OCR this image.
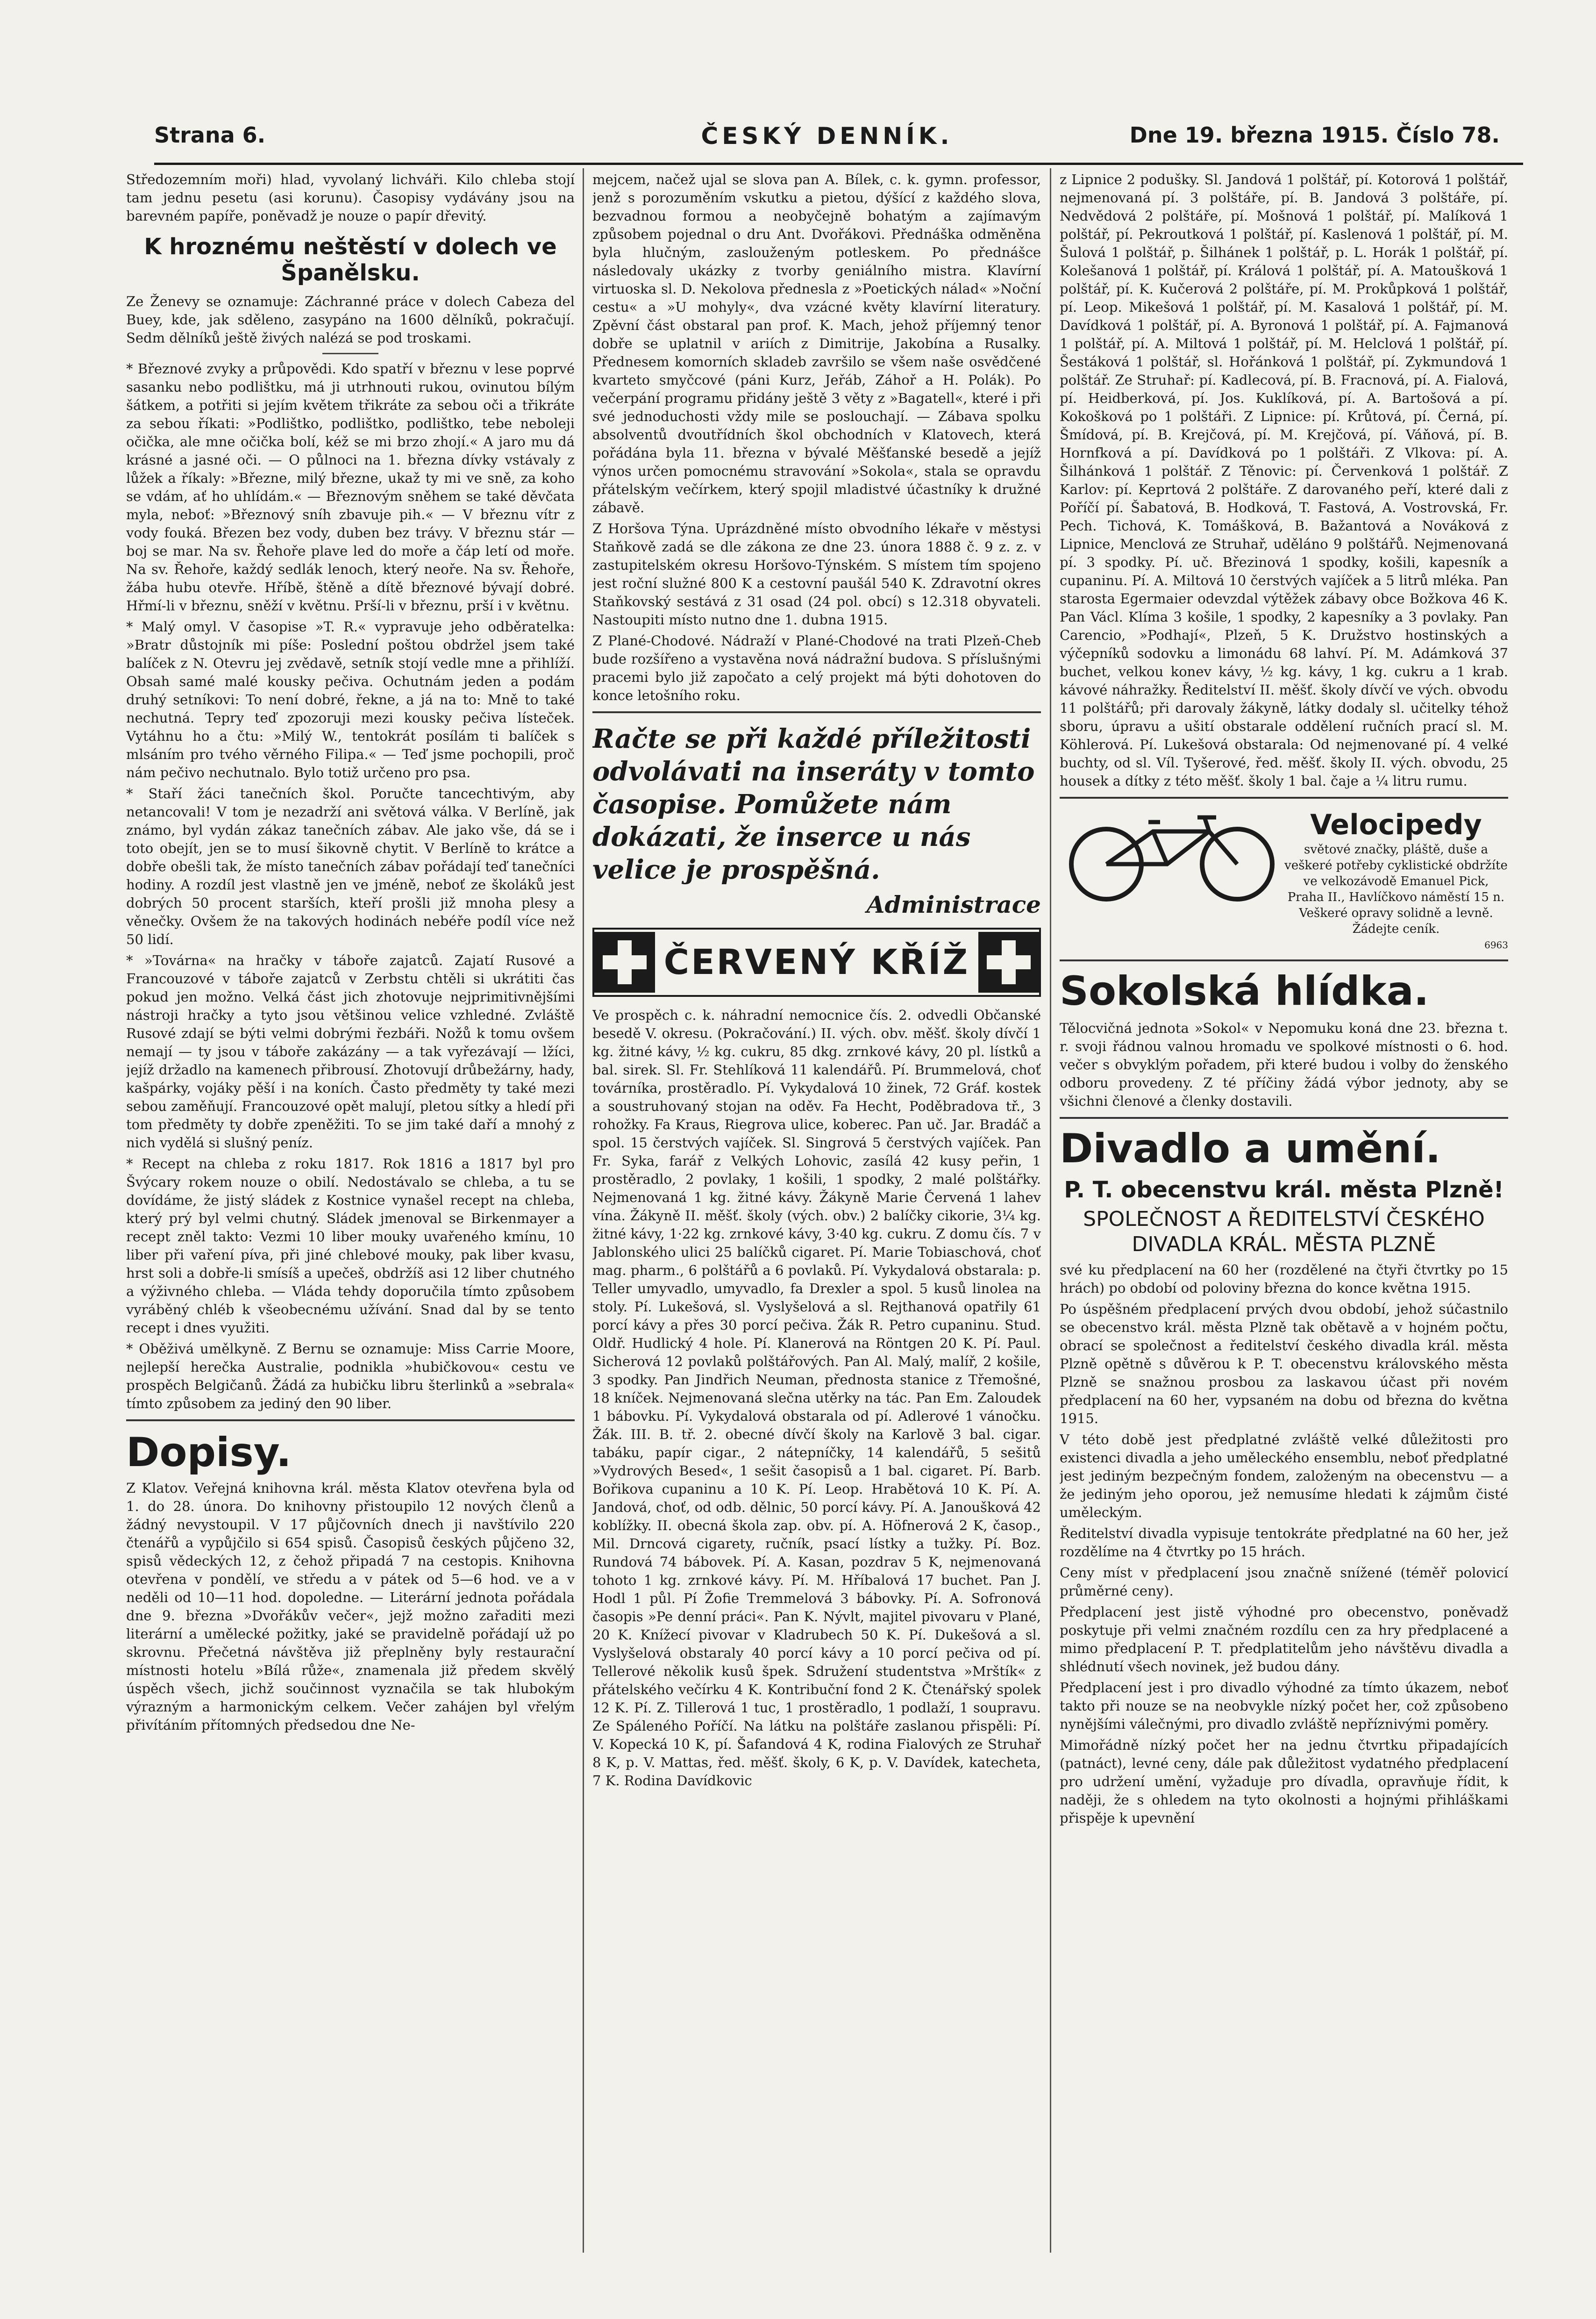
Strana 6.	ČESKÝ DENNÍK.	Dne 19. března 1915. Číslo 78.

Středozemním moři) hlad, vyvolaný lichváři. Kilo chleba stojí tam jednu pesetu (asi korunu). Časopisy vydávány jsou na barevném papíře, poněvadž je nouze o papír dřevitý.

K hroznému neštěstí v dolech ve Španělsku.

Ze Ženevy se oznamuje: Záchranné práce v dolech Cabeza del Buey, kde, jak sděleno, zasypáno na 1600 dělníků, pokračují. Sedm dělníků ještě živých nalézá se pod troskami.

* Březnové zvyky a průpovědi. Kdo spatří v březnu v lese poprvé sasanku nebo podlištku, má ji utrhnouti rukou, ovinutou bílým šátkem, a potřiti si jejím květem třikráte za sebou oči a třikráte za sebou říkati: »Podlištko, podlištko, podlištko, tebe neboleji očička, ale mne očička bolí, kéž se mi brzo zhojí.« A jaro mu dá krásné a jasné oči. — O půlnoci na 1. března dívky vstávaly z lůžek a říkaly: »Březne, milý březne, ukaž ty mi ve sně, za koho se vdám, ať ho uhlídám.« — Březnovým sněhem se také děvčata myla, neboť: »Březnový sníh zbavuje pih.« — V březnu vítr z vody fouká. Březen bez vody, duben bez trávy. V březnu stár — boj se mar. Na sv. Řehoře plave led do moře a čáp letí od moře. Na sv. Řehoře, každý sedlák lenoch, který neoře. Na sv. Řehoře, žába hubu otevře. Hříbě, štěně a dítě březnové bývají dobré. Hřmí-li v březnu, sněží v květnu. Prší-li v březnu, prší i v květnu.

* Malý omyl. V časopise »T. R.« vypravuje jeho odběratelka: »Bratr důstojník mi píše: Poslední poštou obdržel jsem také balíček z N. Otevru jej zvědavě, setník stojí vedle mne a přihlíží. Obsah samé malé kousky pečiva. Ochutnám jeden a podám druhý setníkovi: To není dobré, řekne, a já na to: Mně to také nechutná. Tepry teď zpozoruji mezi kousky pečiva lísteček. Vytáhnu ho a čtu: »Milý W., tentokrát posílám ti balíček s mlsáním pro tvého věrného Filipa.« — Teď jsme pochopili, proč nám pečivo nechutnalo. Bylo totiž určeno pro psa.

* Staří žáci tanečních škol. Poručte tancechtivým, aby netancovali! V tom je nezadrží ani světová válka. V Berlíně, jak známo, byl vydán zákaz tanečních zábav. Ale jako vše, dá se i toto obejít, jen se to musí šikovně chytit. V Berlíně to krátce a dobře obešli tak, že místo tanečních zábav pořádají teď tanečníci hodiny. A rozdíl jest vlastně jen ve jméně, neboť ze školáků jest dobrých 50 procent starších, kteří prošli již mnoha plesy a věnečky. Ovšem že na takových hodinách nebéře podíl více než 50 lidí.

* »Továrna« na hračky v táboře zajatců. Zajatí Rusové a Francouzové v táboře zajatců v Zerbstu chtěli si ukrátiti čas pokud jen možno. Velká část jich zhotovuje nejprimitivnějšími nástroji hračky a tyto jsou většinou velice vzhledné. Zvláště Rusové zdají se býti velmi dobrými řezbáři. Nožů k tomu ovšem nemají — ty jsou v táboře zakázány — a tak vyřezávají — lžíci, jejíž držadlo na kamenech přibrousí. Zhotovují drůbežárny, hady, kašpárky, vojáky pěší i na koních. Často předměty ty také mezi sebou zaměňují. Francouzové opět malují, pletou sítky a hledí při tom předměty ty dobře zpeněžiti. To se jim také daří a mnohý z nich vydělá si slušný peníz.

* Recept na chleba z roku 1817. Rok 1816 a 1817 byl pro Švýcary rokem nouze o obilí. Nedostávalo se chleba, a tu se dovídáme, že jistý sládek z Kostnice vynašel recept na chleba, který prý byl velmi chutný. Sládek jmenoval se Birkenmayer a recept zněl takto: Vezmi 10 liber mouky uvařeného kmínu, 10 liber při vaření píva, při jiné chlebové mouky, pak liber kvasu, hrst soli a dobře-li smísíš a upečeš, obdržíš asi 12 liber chutného a výživného chleba. — Vláda tehdy doporučila tímto způsobem vyráběný chléb k všeobecnému užívání. Snad dal by se tento recept i dnes využiti.

* Oběživá umělkyně. Z Bernu se oznamuje: Miss Carrie Moore, nejlepší herečka Australie, podnikla »hubičkovou« cestu ve prospěch Belgičanů. Žádá za hubičku libru šterlinků a »sebrala« tímto způsobem za jediný den 90 liber.

Dopisy.

Z Klatov. Veřejná knihovna král. města Klatov otevřena byla od 1. do 28. února. Do knihovny přistoupilo 12 nových členů a žádný nevystoupil. V 17 půjčovních dnech ji navštívilo 220 čtenářů a vypůjčilo si 654 spisů. Časopisů českých půjčeno 32, spisů vědeckých 12, z čehož připadá 7 na cestopis. Knihovna otevřena v pondělí, ve středu a v pátek od 5—6 hod. ve a v neděli od 10—11 hod. dopoledne. — Literární jednota pořádala dne 9. března »Dvořákův večer«, jejž možno zařaditi mezi literární a umělecké požitky, jaké se pravidelně pořádají už po skrovnu. Přečetná návštěva již přeplněny byly restaurační místnosti hotelu »Bílá růže«, znamenala již předem skvělý úspěch všech, jichž součinnost vyznačila se tak hlubokým výrazným a harmonickým celkem. Večer zahájen byl vřelým přivítáním přítomných předsedou dne Ne-

mejcem, načež ujal se slova pan A. Bílek, c. k. gymn. professor, jenž s porozuměním vskutku a pietou, dýšící z každého slova, bezvadnou formou a neobyčejně bohatým a zajímavým způsobem pojednal o dru Ant. Dvořákovi. Přednáška odměněna byla hlučným, zaslouženým potleskem. Po přednášce následovaly ukázky z tvorby geniálního mistra. Klavírní virtuoska sl. D. Nekolova přednesla z »Poetických nálad« »Noční cestu« a »U mohyly«, dva vzácné květy klavírní literatury. Zpěvní část obstaral pan prof. K. Mach, jehož příjemný tenor dobře se uplatnil v ariích z Dimitrije, Jakobína a Rusalky. Přednesem komorních skladeb završilo se všem naše osvědčené kvarteto smyčcové (páni Kurz, Jeřáb, Záhoř a H. Polák). Po večerpání programu přidány ještě 3 věty z »Bagatell«, které i při své jednoduchosti vždy mile se poslouchají. — Zábava spolku absolventů dvoutřídních škol obchodních v Klatovech, která pořádána byla 11. března v bývalé Měšťanské besedě a jejíž výnos určen pomocnému stravování »Sokola«, stala se opravdu přátelským večírkem, který spojil mladistvé účastníky k družné zábavě.

Z Horšova Týna. Uprázdněné místo obvodního lékaře v městysi Staňkově zadá se dle zákona ze dne 23. února 1888 č. 9 z. z. v zastupitelském okresu Horšovo-Týnském. S místem tím spojeno jest roční služné 800 K a cestovní paušál 540 K. Zdravotní okres Staňkovský sestává z 31 osad (24 pol. obcí) s 12.318 obyvateli. Nastoupiti místo nutno dne 1. dubna 1915.

Z Plané-Chodové. Nádraží v Plané-Chodové na trati Plzeň-Cheb bude rozšířeno a vystavěna nová nádražní budova. S příslušnými pracemi bylo již započato a celý projekt má býti dohotoven do konce letošního roku.

Račte se při každé příležitosti odvolávati na inseráty v tomto časopise. Pomůžete nám dokázati, že inserce u nás velice je prospěšná.
Administrace
ČERVENÝ KŘÍŽ

Ve prospěch c. k. náhradní nemocnice čís. 2. odvedli Občanské besedě V. okresu. (Pokračování.) II. vých. obv. měšť. školy dívčí 1 kg. žitné kávy, ½ kg. cukru, 85 dkg. zrnkové kávy, 20 pl. lístků a bal. sirek. Sl. Fr. Stehlíková 11 kalendářů. Pí. Brummelová, choť továrníka, prostěradlo. Pí. Vykydalová 10 žinek, 72 Gráf. kostek a soustruhovaný stojan na oděv. Fa Hecht, Poděbradova tř., 3 rohožky. Fa Kraus, Riegrova ulice, koberec. Pan uč. Jar. Bradáč a spol. 15 čerstvých vajíček. Sl. Singrová 5 čerstvých vajíček. Pan Fr. Syka, farář z Velkých Lohovic, zasílá 42 kusy peřin, 1 prostěradlo, 2 povlaky, 1 košili, 1 spodky, 2 malé polštářky. Nejmenovaná 1 kg. žitné kávy. Žákyně Marie Červená 1 lahev vína. Žákyně II. měšť. školy (vých. obv.) 2 balíčky cikorie, 3¼ kg. žitné kávy, 1·22 kg. zrnkové kávy, 3·40 kg. cukru. Z domu čís. 7 v Jablonského ulici 25 balíčků cigaret. Pí. Marie Tobiaschová, choť mag. pharm., 6 polštářů a 6 povlaků. Pí. Vykydalová obstarala: p. Teller umyvadlo, umyvadlo, fa Drexler a spol. 5 kusů linolea na stoly. Pí. Lukešová, sl. Vyslyšelová a sl. Rejthanová opatřily 61 porcí kávy a přes 30 porcí pečiva. Žák R. Petro cupaninu. Stud. Oldř. Hudlický 4 hole. Pí. Klanerová na Röntgen 20 K. Pí. Paul. Sicherová 12 povlaků polštářových. Pan Al. Malý, malíř, 2 košile, 3 spodky. Pan Jindřich Neuman, přednosta stanice z Třemošné, 18 kníček. Nejmenovaná slečna utěrky na tác. Pan Em. Zaloudek 1 bábovku. Pí. Vykydalová obstarala od pí. Adlerové 1 vánočku. Žák. III. B. tř. 2. obecné dívčí školy na Karlově 3 bal. cigar. tabáku, papír cigar., 2 nátepníčky, 14 kalendářů, 5 sešitů »Vydrových Besed«, 1 sešit časopisů a 1 bal. cigaret. Pí. Barb. Bořikova cupaninu a 10 K. Pí. Leop. Hrabětová 10 K. Pí. A. Jandová, choť, od odb. dělnic, 50 porcí kávy. Pí. A. Janoušková 42 koblížky. II. obecná škola zap. obv. pí. A. Höfnerová 2 K, časop., Mil. Drncová cigarety, ručník, psací lístky a tužky. Pí. Boz. Rundová 74 bábovek. Pí. A. Kasan, pozdrav 5 K, nejmenovaná tohoto 1 kg. zrnkové kávy. Pí. M. Hříbalová 17 buchet. Pan J. Hodl 1 půl. Pí Žofie Tremmelová 3 bábovky. Pí. A. Sofronová časopis »Pe denní práci«. Pan K. Nývlt, majitel pivovaru v Plané, 20 K. Knížecí pivovar v Kladrubech 50 K. Pí. Dukešová a sl. Vyslyšelová obstaraly 40 porcí kávy a 10 porcí pečiva od pí. Tellerové několik kusů špek. Sdružení studentstva »Mrštík« z přátelského večírku 4 K. Kontribuční fond 2 K. Čtenářský spolek 12 K. Pí. Z. Tillerová 1 tuc, 1 prostěradlo, 1 podlaží, 1 soupravu. Ze Spáleného Poříčí. Na látku na polštáře zaslanou přispěli: Pí. V. Kopecká 10 K, pí. Šafandová 4 K, rodina Fialových ze Struhař 8 K, p. V. Mattas, řed. měšť. školy, 6 K, p. V. Davídek, katecheta, 7 K. Rodina Davídkovic

z Lipnice 2 podušky. Sl. Jandová 1 polštář, pí. Kotorová 1 polštář, nejmenovaná pí. 3 polštáře, pí. B. Jandová 3 polštáře, pí. Nedvědová 2 polštáře, pí. Mošnová 1 polštář, pí. Malíková 1 polštář, pí. Pekroutková 1 polštář, pí. Kaslenová 1 polštář, pí. M. Šulová 1 polštář, p. Šilhánek 1 polštář, p. L. Horák 1 polštář, pí. Kolešanová 1 polštář, pí. Králová 1 polštář, pí. A. Matoušková 1 polštář, pí. K. Kučerová 2 polštáře, pí. M. Prokůpková 1 polštář, pí. Leop. Mikešová 1 polštář, pí. M. Kasalová 1 polštář, pí. M. Davídková 1 polštář, pí. A. Byronová 1 polštář, pí. A. Fajmanová 1 polštář, pí. A. Miltová 1 polštář, pí. M. Helclová 1 polštář, pí. Šestáková 1 polštář, sl. Hořánková 1 polštář, pí. Zykmundová 1 polštář. Ze Struhař: pí. Kadlecová, pí. B. Fracnová, pí. A. Fialová, pí. Heidberková, pí. Jos. Kuklíková, pí. A. Bartošová a pí. Kokošková po 1 polštáři. Z Lipnice: pí. Krůtová, pí. Černá, pí. Šmídová, pí. B. Krejčová, pí. M. Krejčová, pí. Váňová, pí. B. Hornfková a pí. Davídková po 1 polštáři. Z Vlkova: pí. A. Šilhánková 1 polštář. Z Těnovic: pí. Červenková 1 polštář. Z Karlov: pí. Keprtová 2 polštáře. Z darovaného peří, které dali z Poříčí pí. Šabatová, B. Hodková, T. Fastová, A. Vostrovská, Fr. Pech. Tichová, K. Tomášková, B. Bažantová a Nováková z Lipnice, Menclová ze Struhař, uděláno 9 polštářů. Nejmenovaná pí. 3 spodky. Pí. uč. Březinová 1 spodky, košili, kapesník a cupaninu. Pí. A. Miltová 10 čerstvých vajíček a 5 litrů mléka. Pan starosta Egermaier odevzdal výtěžek zábavy obce Božkova 46 K. Pan Václ. Klíma 3 košile, 1 spodky, 2 kapesníky a 3 povlaky. Pan Carencio, »Podhají«, Plzeň, 5 K. Družstvo hostinských a výčepníků sodovku a limonádu 68 lahví. Pí. M. Adámková 37 buchet, velkou konev kávy, ½ kg. kávy, 1 kg. cukru a 1 krab. kávové náhražky. Ředitelství II. měšť. školy dívčí ve vých. obvodu 11 polštářů; při darovaly žákyně, látky dodaly sl. učitelky téhož sboru, úpravu a ušití obstarale oddělení ručních prací sl. M. Köhlerová. Pí. Lukešová obstarala: Od nejmenované pí. 4 velké buchty, od sl. Víl. Tyšerové, řed. měšť. školy II. vých. obvodu, 25 housek a dítky z této měšť. školy 1 bal. čaje a ¼ litru rumu.

Velocipedy
světové značky, pláště, duše a veškeré potřeby cyklistické obdržíte ve velkozávodě Emanuel Pick, Praha II., Havlíčkovo náměstí 15 n. Veškeré opravy solidně a levně. Žádejte ceník.
6963
Sokolská hlídka.

Tělocvičná jednota »Sokol« v Nepomuku koná dne 23. března t. r. svoji řádnou valnou hromadu ve spolkové místnosti o 6. hod. večer s obvyklým pořadem, při které budou i volby do ženského odboru provedeny. Z té příčiny žádá výbor jednoty, aby se všichni členové a členky dostavili.

Divadlo a umění.
P. T. obecenstvu král. města Plzně!
SPOLEČNOST A ŘEDITELSTVÍ ČESKÉHO DIVADLA KRÁL. MĚSTA PLZNĚ

své ku předplacení na 60 her (rozdělené na čtyři čtvrtky po 15 hrách) po období od poloviny března do konce května 1915.

Po úspěšném předplacení prvých dvou období, jehož súčastnilo se obecenstvo král. města Plzně tak obětavě a v hojném počtu, obrací se společnost a ředitelství českého divadla král. města Plzně opětně s důvěrou k P. T. obecenstvu královského města Plzně se snažnou prosbou za laskavou účast při novém předplacení na 60 her, vypsaném na dobu od března do května 1915.

V této době jest předplatné zvláště velké důležitosti pro existenci divadla a jeho uměleckého ensemblu, neboť předplatné jest jediným bezpečným fondem, založeným na obecenstvu — a že jediným jeho oporou, jež nemusíme hledati k zájmům čisté uměleckým.

Ředitelství divadla vypisuje tentokráte předplatné na 60 her, jež rozdělíme na 4 čtvrtky po 15 hrách.

Ceny míst v předplacení jsou značně snížené (téměř polovicí průměrné ceny).

Předplacení jest jistě výhodné pro obecenstvo, poněvadž poskytuje při velmi značném rozdílu cen za hry předplacené a mimo předplacení P. T. předplatitelům jeho návštěvu divadla a shlédnutí všech novinek, jež budou dány.

Předplacení jest i pro divadlo výhodné za tímto úkazem, neboť takto při nouze se na neobvykle nízký počet her, což způsobeno nynějšími válečnými, pro divadlo zvláště nepříznivými poměry.

Mimořádně nízký počet her na jednu čtvrtku připadajících (patnáct), levné ceny, dále pak důležitost vydatného předplacení pro udržení umění, vyžaduje pro dívadla, opravňuje řídit, k naději, že s ohledem na tyto okolnosti a hojnými přihláškami přispěje k upevnění
